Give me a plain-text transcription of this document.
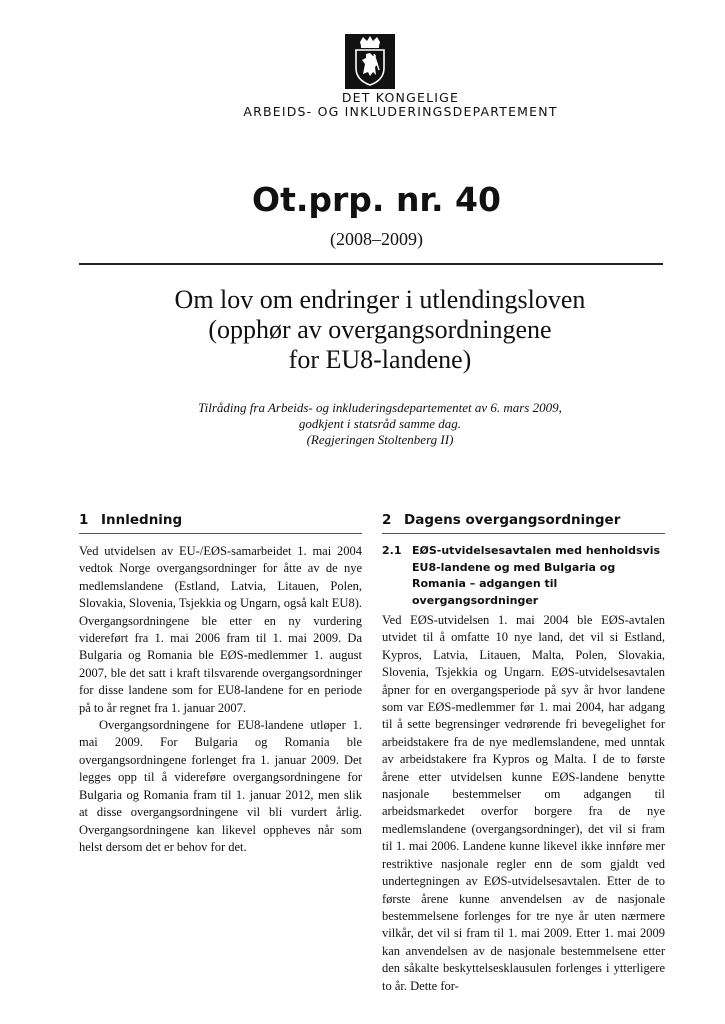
DET KONGELIGE
ARBEIDS- OG INKLUDERINGSDEPARTEMENT
Ot.prp. nr. 40
(2008–2009)
Om lov om endringer i utlendingsloven
(opphør av overgangsordningene
for EU8-landene)
Tilråding fra Arbeids- og inkluderingsdepartementet av 6. mars 2009,
godkjent i statsråd samme dag.
(Regjeringen Stoltenberg II)
1 Innledning

Ved utvidelsen av EU-/EØS-samarbeidet 1. mai 2004 vedtok Norge overgangsordninger for åtte av de nye medlemslandene (Estland, Latvia, Litauen, Polen, Slovakia, Slovenia, Tsjekkia og Ungarn, også kalt EU8). Overgangsordningene ble etter en ny vurdering videreført fra 1. mai 2006 fram til 1. mai 2009. Da Bulgaria og Romania ble EØS-medlemmer 1. august 2007, ble det satt i kraft tilsvarende overgangsordninger for disse landene som for EU8-landene for en periode på to år regnet fra 1. januar 2007.

Overgangsordningene for EU8-landene utløper 1. mai 2009. For Bulgaria og Romania ble overgangsordningene forlenget fra 1. januar 2009. Det legges opp til å videreføre overgangsordningene for Bulgaria og Romania fram til 1. januar 2012, men slik at disse overgangsordningene vil bli vurdert årlig. Overgangsordningene kan likevel oppheves når som helst dersom det er behov for det.

2 Dagens overgangsordninger
2.1 EØS-utvidelsesavtalen med henholdsvis EU8-landene og med Bulgaria og Romania – adgangen til overgangsordninger

Ved EØS-utvidelsen 1. mai 2004 ble EØS-avtalen utvidet til å omfatte 10 nye land, det vil si Estland, Kypros, Latvia, Litauen, Malta, Polen, Slovakia, Slovenia, Tsjekkia og Ungarn. EØS-utvidelsesavtalen åpner for en overgangsperiode på syv år hvor landene som var EØS-medlemmer før 1. mai 2004, har adgang til å sette begrensinger vedrørende fri bevegelighet for arbeidstakere fra de nye medlemslandene, med unntak av arbeidstakere fra Kypros og Malta. I de to første årene etter utvidelsen kunne EØS-landene benytte nasjonale bestemmelser om adgangen til arbeidsmarkedet overfor borgere fra de nye medlemslandene (overgangsordninger), det vil si fram til 1. mai 2006. Landene kunne likevel ikke innføre mer restriktive nasjonale regler enn de som gjaldt ved undertegningen av EØS-utvidelsesavtalen. Etter de to første årene kunne anvendelsen av de nasjonale bestemmelsene forlenges for tre nye år uten nærmere vilkår, det vil si fram til 1. mai 2009. Etter 1. mai 2009 kan anvendelsen av de nasjonale bestemmelsene etter den såkalte beskyttelsesklausulen forlenges i ytterligere to år. Dette for-
